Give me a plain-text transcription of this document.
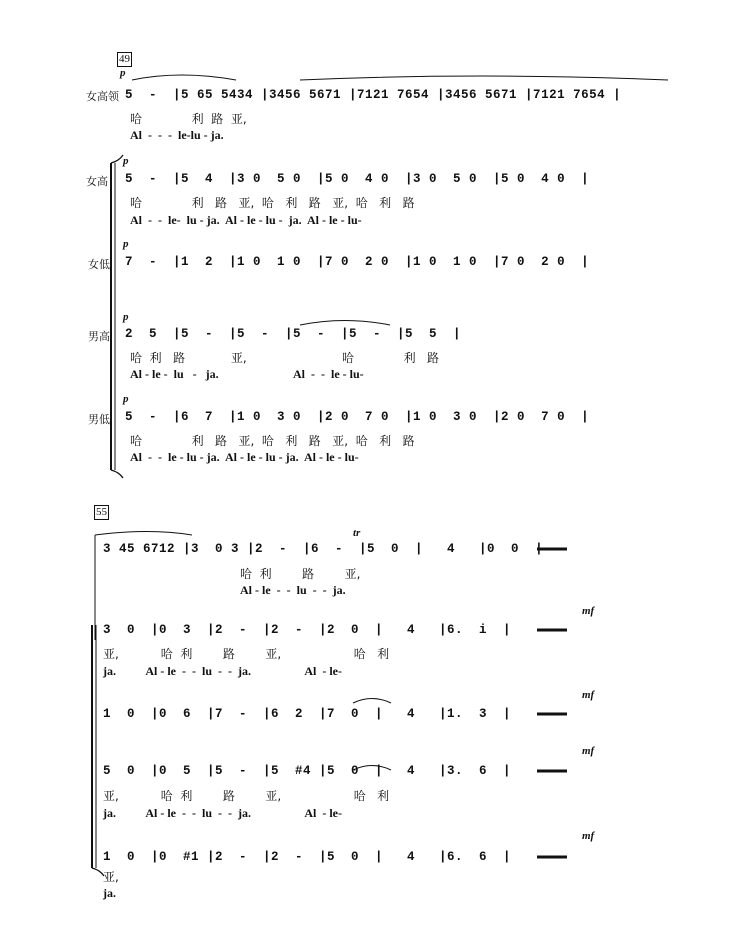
49
女高领
女高
女低
男高
男低
p
p
p
p
p
5  -  |5 65 5434 |3456 5671 |7121 7654 |3456 5671 |7121 7654 |
哈             利  路  亚,
Al  -  -  -  le-lu - ja.
5  -  |5  4  |3 0  5 0  |5 0  4 0  |3 0  5 0  |5 0  4 0  |
哈             利   路   亚,  哈   利   路   亚,  哈   利   路
Al  -  -  le-  lu - ja.  Al - le - lu -  ja.  Al - le - lu-
7  -  |1  2  |1 0  1 0  |7 0  2 0  |1 0  1 0  |7 0  2 0  |
2  5  |5  -  |5  -  |5  -  |5  -  |5  5  |
哈  利   路            亚,                         哈             利   路
Al - le -  lu   -   ja.                         Al  -  -  le - lu-
5  -  |6  7  |1 0  3 0  |2 0  7 0  |1 0  3 0  |2 0  7 0  |
哈             利   路   亚,  哈   利   路   亚,  哈   利   路
Al  -  -  le - lu - ja.  Al - le - lu - ja.  Al - le - lu-
55
tr
mf
mf
mf
mf
3 45 6712 |3  0 3 |2  -  |6  -  |5  0  |   4   |0  0  |
哈  利        路        亚,
Al - le  -  -  lu  -  -  ja.
3  0  |0  3  |2  -  |2  -  |2  0  |   4   |6.  i  |
亚,           哈  利        路        亚,                   哈   利
ja.          Al - le  -  -  lu  -  -  ja.                  Al  - le-
1  0  |0  6  |7  -  |6  2  |7  0  |   4   |1.  3  |
5  0  |0  5  |5  -  |5  #4 |5  0  |   4   |3.  6  |
亚,           哈  利        路        亚,                   哈   利
ja.          Al - le  -  -  lu  -  -  ja.                  Al  - le-
1  0  |0  #1 |2  -  |2  -  |5  0  |   4   |6.  6  |
亚,
ja.
